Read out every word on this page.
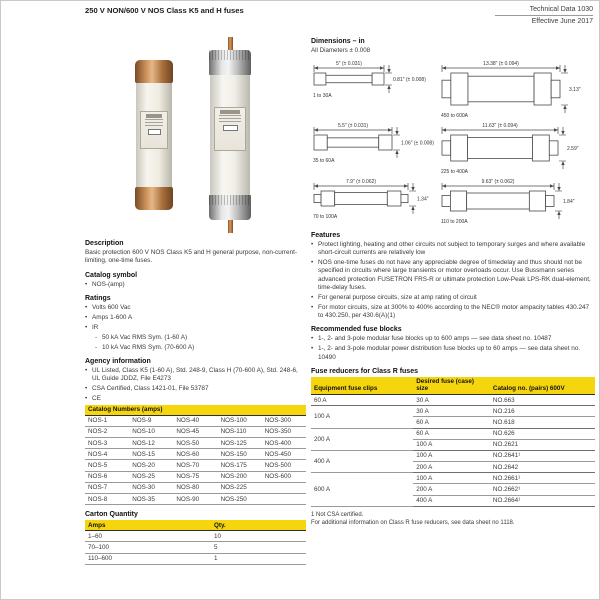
250 V NON/600 V NOS Class K5 and H fuses	Technical Data 1030
Effective June 2017
Description

Basic protection 600 V NOS Class K5 and H general purpose, non-current-limiting, one-time fuses.

Catalog symbol
• NOS-(amp)
Ratings
• Volts 600 Vac
• Amps 1-600 A
• IR
- 50 kA Vac RMS Sym. (1-60 A)
- 10 kA Vac RMS Sym. (70-600 A)
Agency information
• UL Listed, Class K5 (1-60 A), Std. 248-9, Class H (70-600 A), Std. 248-6, UL Guide JDDZ, File E4273
• CSA Certified, Class 1421-01, File 53787
• CE
Catalog Numbers (amps)				
NOS-1	NOS-9	NOS-40	NOS-100	NOS-300
NOS-2	NOS-10	NOS-45	NOS-110	NOS-350
NOS-3	NOS-12	NOS-50	NOS-125	NOS-400
NOS-4	NOS-15	NOS-60	NOS-150	NOS-450
NOS-5	NOS-20	NOS-70	NOS-175	NOS-500
NOS-6	NOS-25	NOS-75	NOS-200	NOS-600
NOS-7	NOS-30	NOS-80	NOS-225	
NOS-8	NOS-35	NOS-90	NOS-250	
Carton Quantity
Amps	Qty.
1–60	10
70–100	5
110–600	1
Dimensions – in
All Diameters ± 0.008
5" (± 0.031)
0.81" (± 0.008)
1 to 30A
13.38" (± 0.094)
3.13"
450 to 600A
5.5" (± 0.031)
1.06" (± 0.008)
35 to 60A
11.63" (± 0.094)
2.59"
225 to 400A
7.9" (± 0.062)
1.34"
70 to 100A
9.63" (± 0.062)
1.84"
110 to 200A
Features
• Protect lighting, heating and other circuits not subject to temporary surges and where available short-circuit currents are relatively low
• NOS one-time fuses do not have any appreciable degree of timedelay and thus should not be specified in circuits where large transients or motor overloads occur. Use Bussmann series advanced protection FUSETRON FRS-R or ultimate protection Low-Peak LPS-RK dual-element, time-delay fuses.
• For general purpose circuits, size at amp rating of circuit
• For motor circuits, size at 300% to 400% according to the NEC® motor ampacity tables 430.247 to 430.250, per 430.6(A)(1)
Recommended fuse blocks
• 1-, 2- and 3-pole modular fuse blocks up to 600 amps — see data sheet no. 10487
• 1-, 2- and 3-pole modular power distribution fuse blocks up to 60 amps — see data sheet no. 10490
Fuse reducers for Class R fuses
Equipment fuse clips	Desired fuse (case) size	Catalog no. (pairs) 600V
60 A	30 A	NO.663
100 A	30 A	NO.216
	60 A	NO.618
200 A	60 A	NO.626
	100 A	NO.2621
400 A	100 A	NO.2641¹
	200 A	NO.2642
600 A	100 A	NO.2661¹
	200 A	NO.2662¹
	400 A	NO.2664¹
1 Not CSA certified.
For additional information on Class R fuse reducers, see data sheet no 1118.
